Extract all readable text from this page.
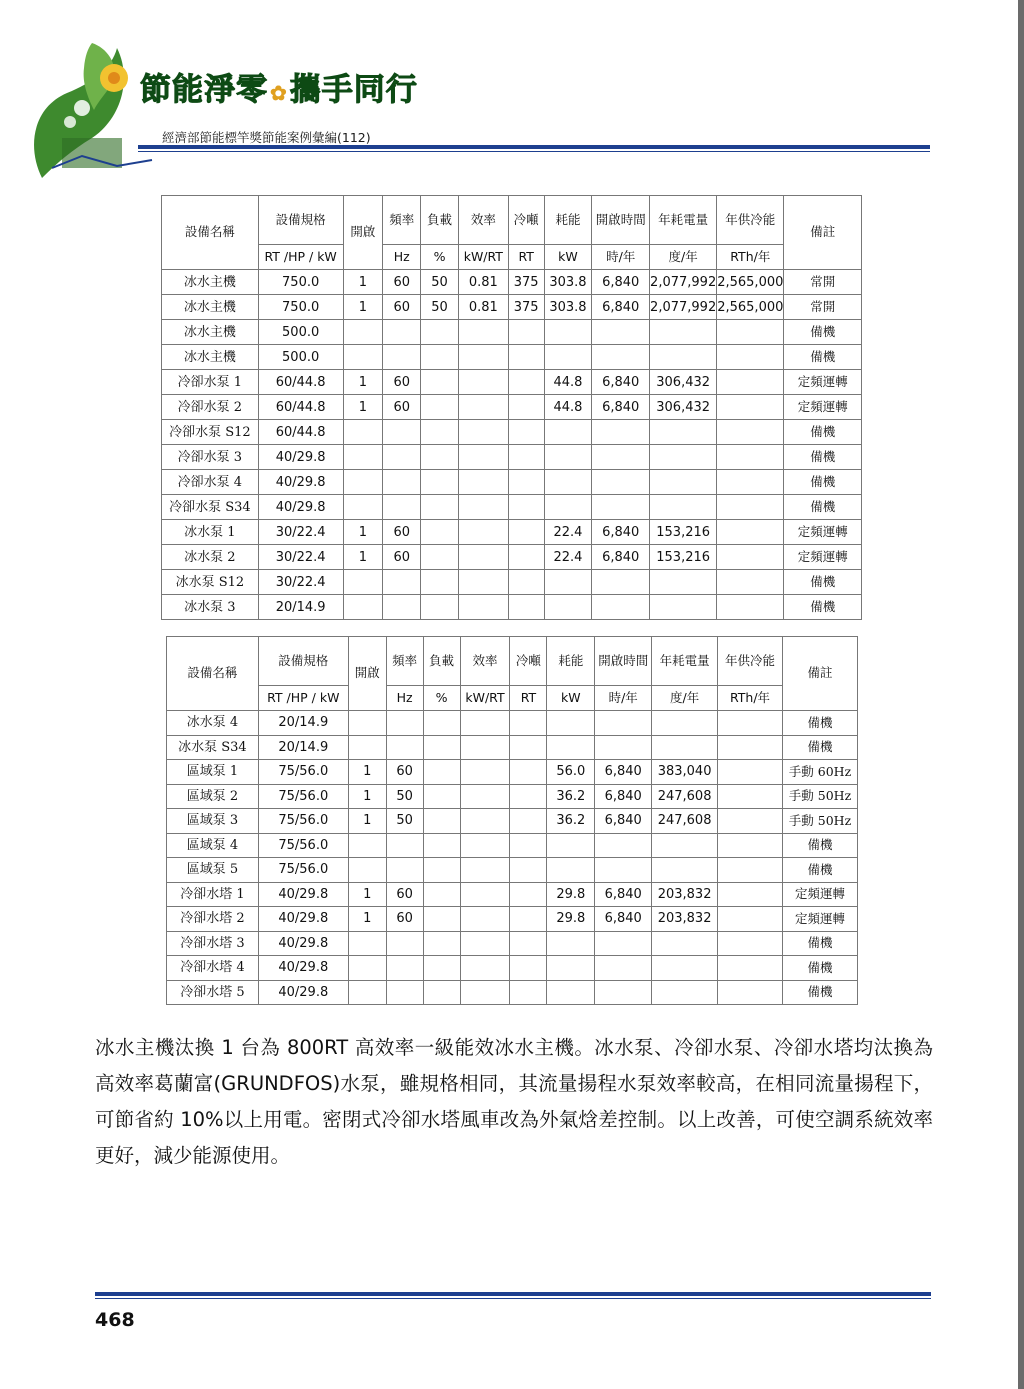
節能淨零 ✿攜手同行
經濟部節能標竿獎節能案例彙編(112)
設備名稱	設備規格	開啟	頻率	負載	效率	冷噸	耗能	開啟時間	年耗電量	年供冷能	備註
	RT /HP / kW		Hz	%	kW/RT	RT	kW	時/年	度/年	RTh/年	
冰水主機	750.0	1	60	50	0.81	375	303.8	6,840	2,077,992	2,565,000	常開
冰水主機	750.0	1	60	50	0.81	375	303.8	6,840	2,077,992	2,565,000	常開
冰水主機	500.0										備機
冰水主機	500.0										備機
冷卻水泵 1	60/44.8	1	60				44.8	6,840	306,432		定頻運轉
冷卻水泵 2	60/44.8	1	60				44.8	6,840	306,432		定頻運轉
冷卻水泵 S12	60/44.8										備機
冷卻水泵 3	40/29.8										備機
冷卻水泵 4	40/29.8										備機
冷卻水泵 S34	40/29.8										備機
冰水泵 1	30/22.4	1	60				22.4	6,840	153,216		定頻運轉
冰水泵 2	30/22.4	1	60				22.4	6,840	153,216		定頻運轉
冰水泵 S12	30/22.4										備機
冰水泵 3	20/14.9										備機
設備名稱	設備規格	開啟	頻率	負載	效率	冷噸	耗能	開啟時間	年耗電量	年供冷能	備註
	RT /HP / kW		Hz	%	kW/RT	RT	kW	時/年	度/年	RTh/年	
冰水泵 4	20/14.9										備機
冰水泵 S34	20/14.9										備機
區域泵 1	75/56.0	1	60				56.0	6,840	383,040		手動 60Hz
區域泵 2	75/56.0	1	50				36.2	6,840	247,608		手動 50Hz
區域泵 3	75/56.0	1	50				36.2	6,840	247,608		手動 50Hz
區域泵 4	75/56.0										備機
區域泵 5	75/56.0										備機
冷卻水塔 1	40/29.8	1	60				29.8	6,840	203,832		定頻運轉
冷卻水塔 2	40/29.8	1	60				29.8	6,840	203,832		定頻運轉
冷卻水塔 3	40/29.8										備機
冷卻水塔 4	40/29.8										備機
冷卻水塔 5	40/29.8										備機
冰水主機汰換 1 台為 800RT 高效率一級能效冰水主機。冰水泵、冷卻水泵、冷卻水塔均汰換為高效率葛蘭富(GRUNDFOS)水泵，雖規格相同，其流量揚程水泵效率較高，在相同流量揚程下，可節省約 10%以上用電。密閉式冷卻水塔風車改為外氣焓差控制。以上改善，可使空調系統效率更好，減少能源使用。
468
